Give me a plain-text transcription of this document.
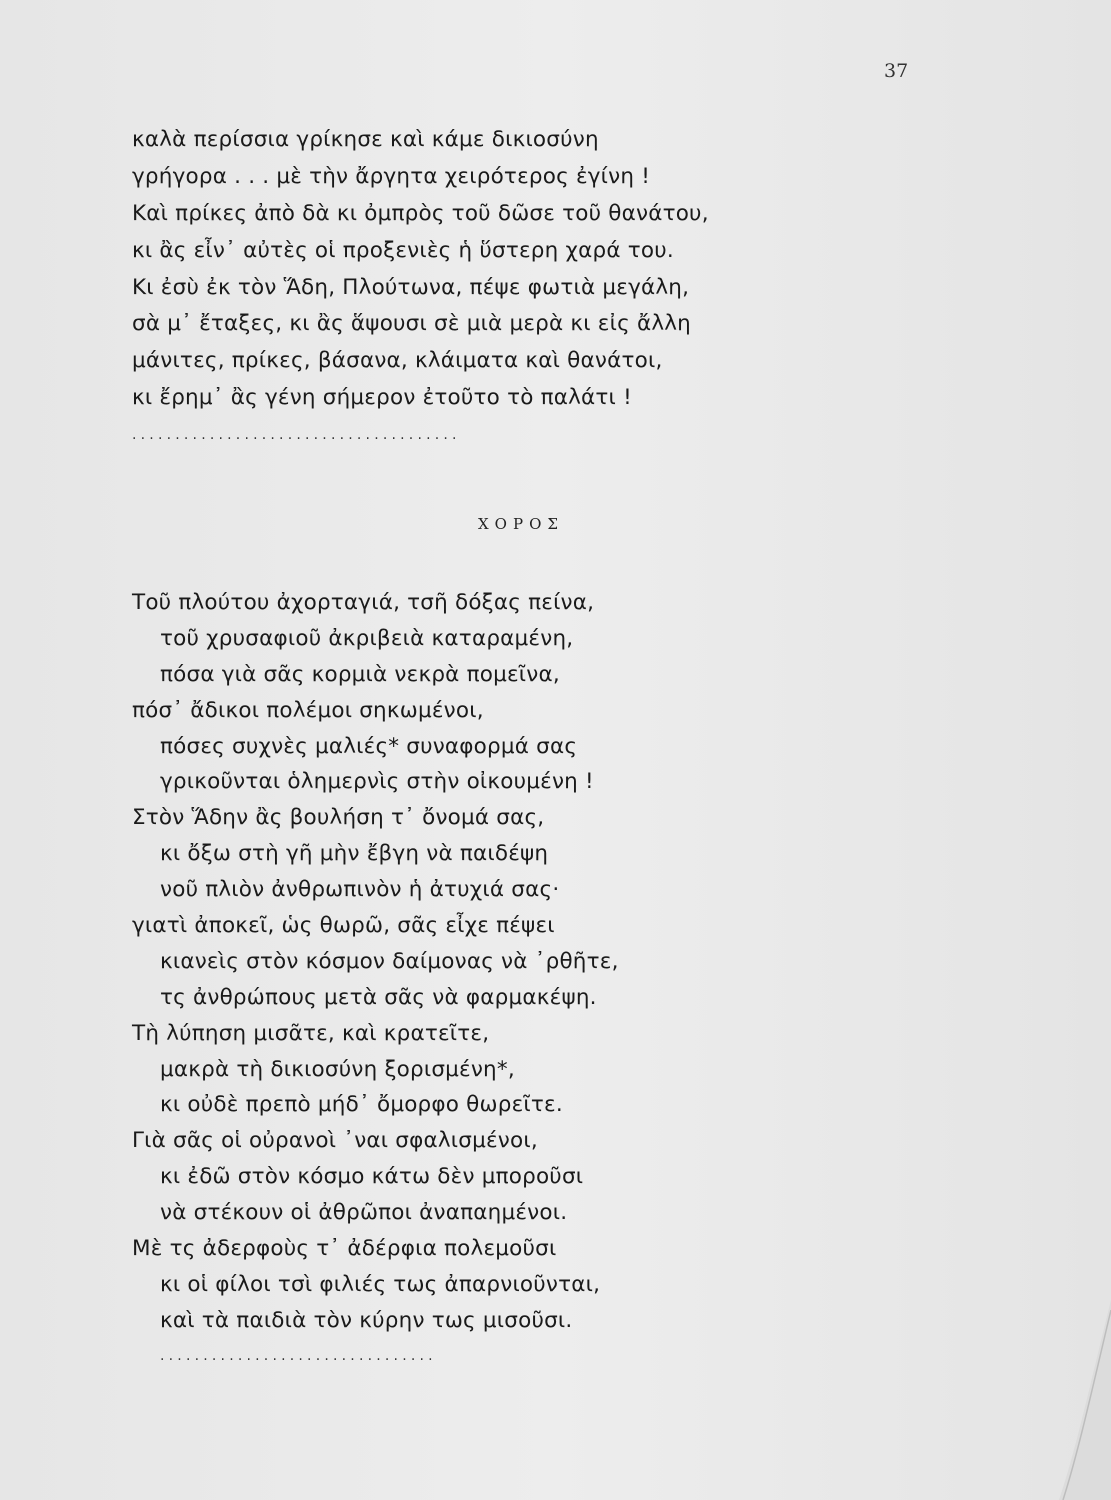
37
καλὰ περίσσια γρίκησε καὶ κάμε δικιοσύνη
γρήγορα . . . μὲ τὴν ἄργητα χειρότερος ἐγίνη !
Καὶ πρίκες ἀπὸ δὰ κι ὀμπρὸς τοῦ δῶσε τοῦ θανάτου,
κι ἂς εἶν᾽ αὐτὲς οἱ προξενιὲς ἡ ὕστερη χαρά του.
Κι ἐσὺ ἐκ τὸν Ἅδη, Πλούτωνα, πέψε φωτιὰ μεγάλη,
σὰ μ᾽ ἔταξες, κι ἂς ἅψουσι σὲ μιὰ μερὰ κι εἰς ἄλλη
μάνιτες, πρίκες, βάσανα, κλάιματα καὶ θανάτοι,
κι ἔρημ᾽ ἂς γένη σήμερον ἐτοῦτο τὸ παλάτι !
......................................
ΧΟΡΟΣ
Τοῦ πλούτου ἀχορταγιά, τσῆ δόξας πείνα,
τοῦ χρυσαφιοῦ ἀκριβειὰ καταραμένη,
πόσα γιὰ σᾶς κορμιὰ νεκρὰ πομεῖνα,
πόσ᾽ ἄδικοι πολέμοι σηκωμένοι,
πόσες συχνὲς μαλιές* συναφορμά σας
γρικοῦνται ὁλημερνὶς στὴν οἰκουμένη !
Στὸν Ἅδην ἂς βουλήση τ᾽ ὄνομά σας,
κι ὄξω στὴ γῆ μὴν ἔβγη νὰ παιδέψη
νοῦ πλιὸν ἀνθρωπινὸν ἡ ἀτυχιά σας·
γιατὶ ἀποκεῖ, ὡς θωρῶ, σᾶς εἶχε πέψει
κιανεὶς στὸν κόσμον δαίμονας νὰ ᾽ρθῆτε,
τς ἀνθρώπους μετὰ σᾶς νὰ φαρμακέψη.
Τὴ λύπηση μισᾶτε, καὶ κρατεῖτε,
μακρὰ τὴ δικιοσύνη ξορισμένη*,
κι οὐδὲ πρεπὸ μήδ᾽ ὄμορφο θωρεῖτε.
Γιὰ σᾶς οἱ οὐρανοὶ ᾽ναι σφαλισμένοι,
κι ἐδῶ στὸν κόσμο κάτω δὲν μποροῦσι
νὰ στέκουν οἱ ἀθρῶποι ἀναπαημένοι.
Μὲ τς ἀδερφοὺς τ᾽ ἀδέρφια πολεμοῦσι
κι οἱ φίλοι τσὶ φιλιές τως ἀπαρνιοῦνται,
καὶ τὰ παιδιὰ τὸν κύρην τως μισοῦσι.
................................
